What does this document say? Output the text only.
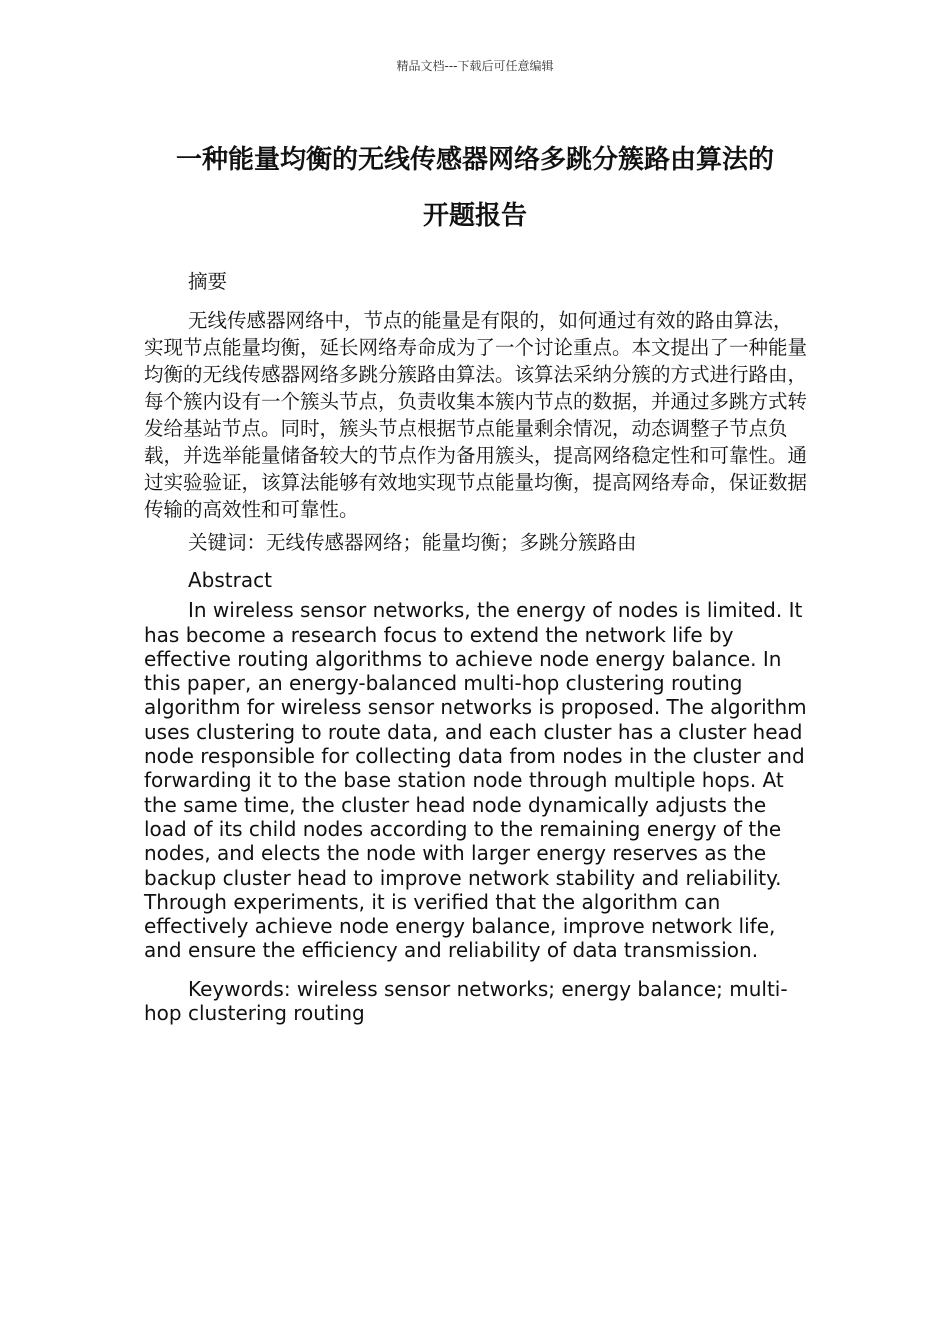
精品文档---下载后可任意编辑
一种能量均衡的无线传感器网络多跳分簇路由算法的
开题报告

摘要

无线传感器网络中，节点的能量是有限的，如何通过有效的路由算法，实现节点能量均衡，延长网络寿命成为了一个讨论重点。本文提出了一种能量均衡的无线传感器网络多跳分簇路由算法。该算法采纳分簇的方式进行路由，每个簇内设有一个簇头节点，负责收集本簇内节点的数据，并通过多跳方式转发给基站节点。同时，簇头节点根据节点能量剩余情况，动态调整子节点负载，并选举能量储备较大的节点作为备用簇头，提高网络稳定性和可靠性。通过实验验证，该算法能够有效地实现节点能量均衡，提高网络寿命，保证数据传输的高效性和可靠性。

关键词：无线传感器网络；能量均衡；多跳分簇路由

Abstract

In wireless sensor networks, the energy of nodes is limited. It has become a research focus to extend the network life by effective routing algorithms to achieve node energy balance. In this paper, an energy-balanced multi-hop clustering routing algorithm for wireless sensor networks is proposed. The algorithm uses clustering to route data, and each cluster has a cluster head node responsible for collecting data from nodes in the cluster and forwarding it to the base station node through multiple hops. At the same time, the cluster head node dynamically adjusts the load of its child nodes according to the remaining energy of the nodes, and elects the node with larger energy reserves as the backup cluster head to improve network stability and reliability. Through experiments, it is verified that the algorithm can effectively achieve node energy balance, improve network life, and ensure the efficiency and reliability of data transmission.

Keywords: wireless sensor networks; energy balance; multi-hop clustering routing
